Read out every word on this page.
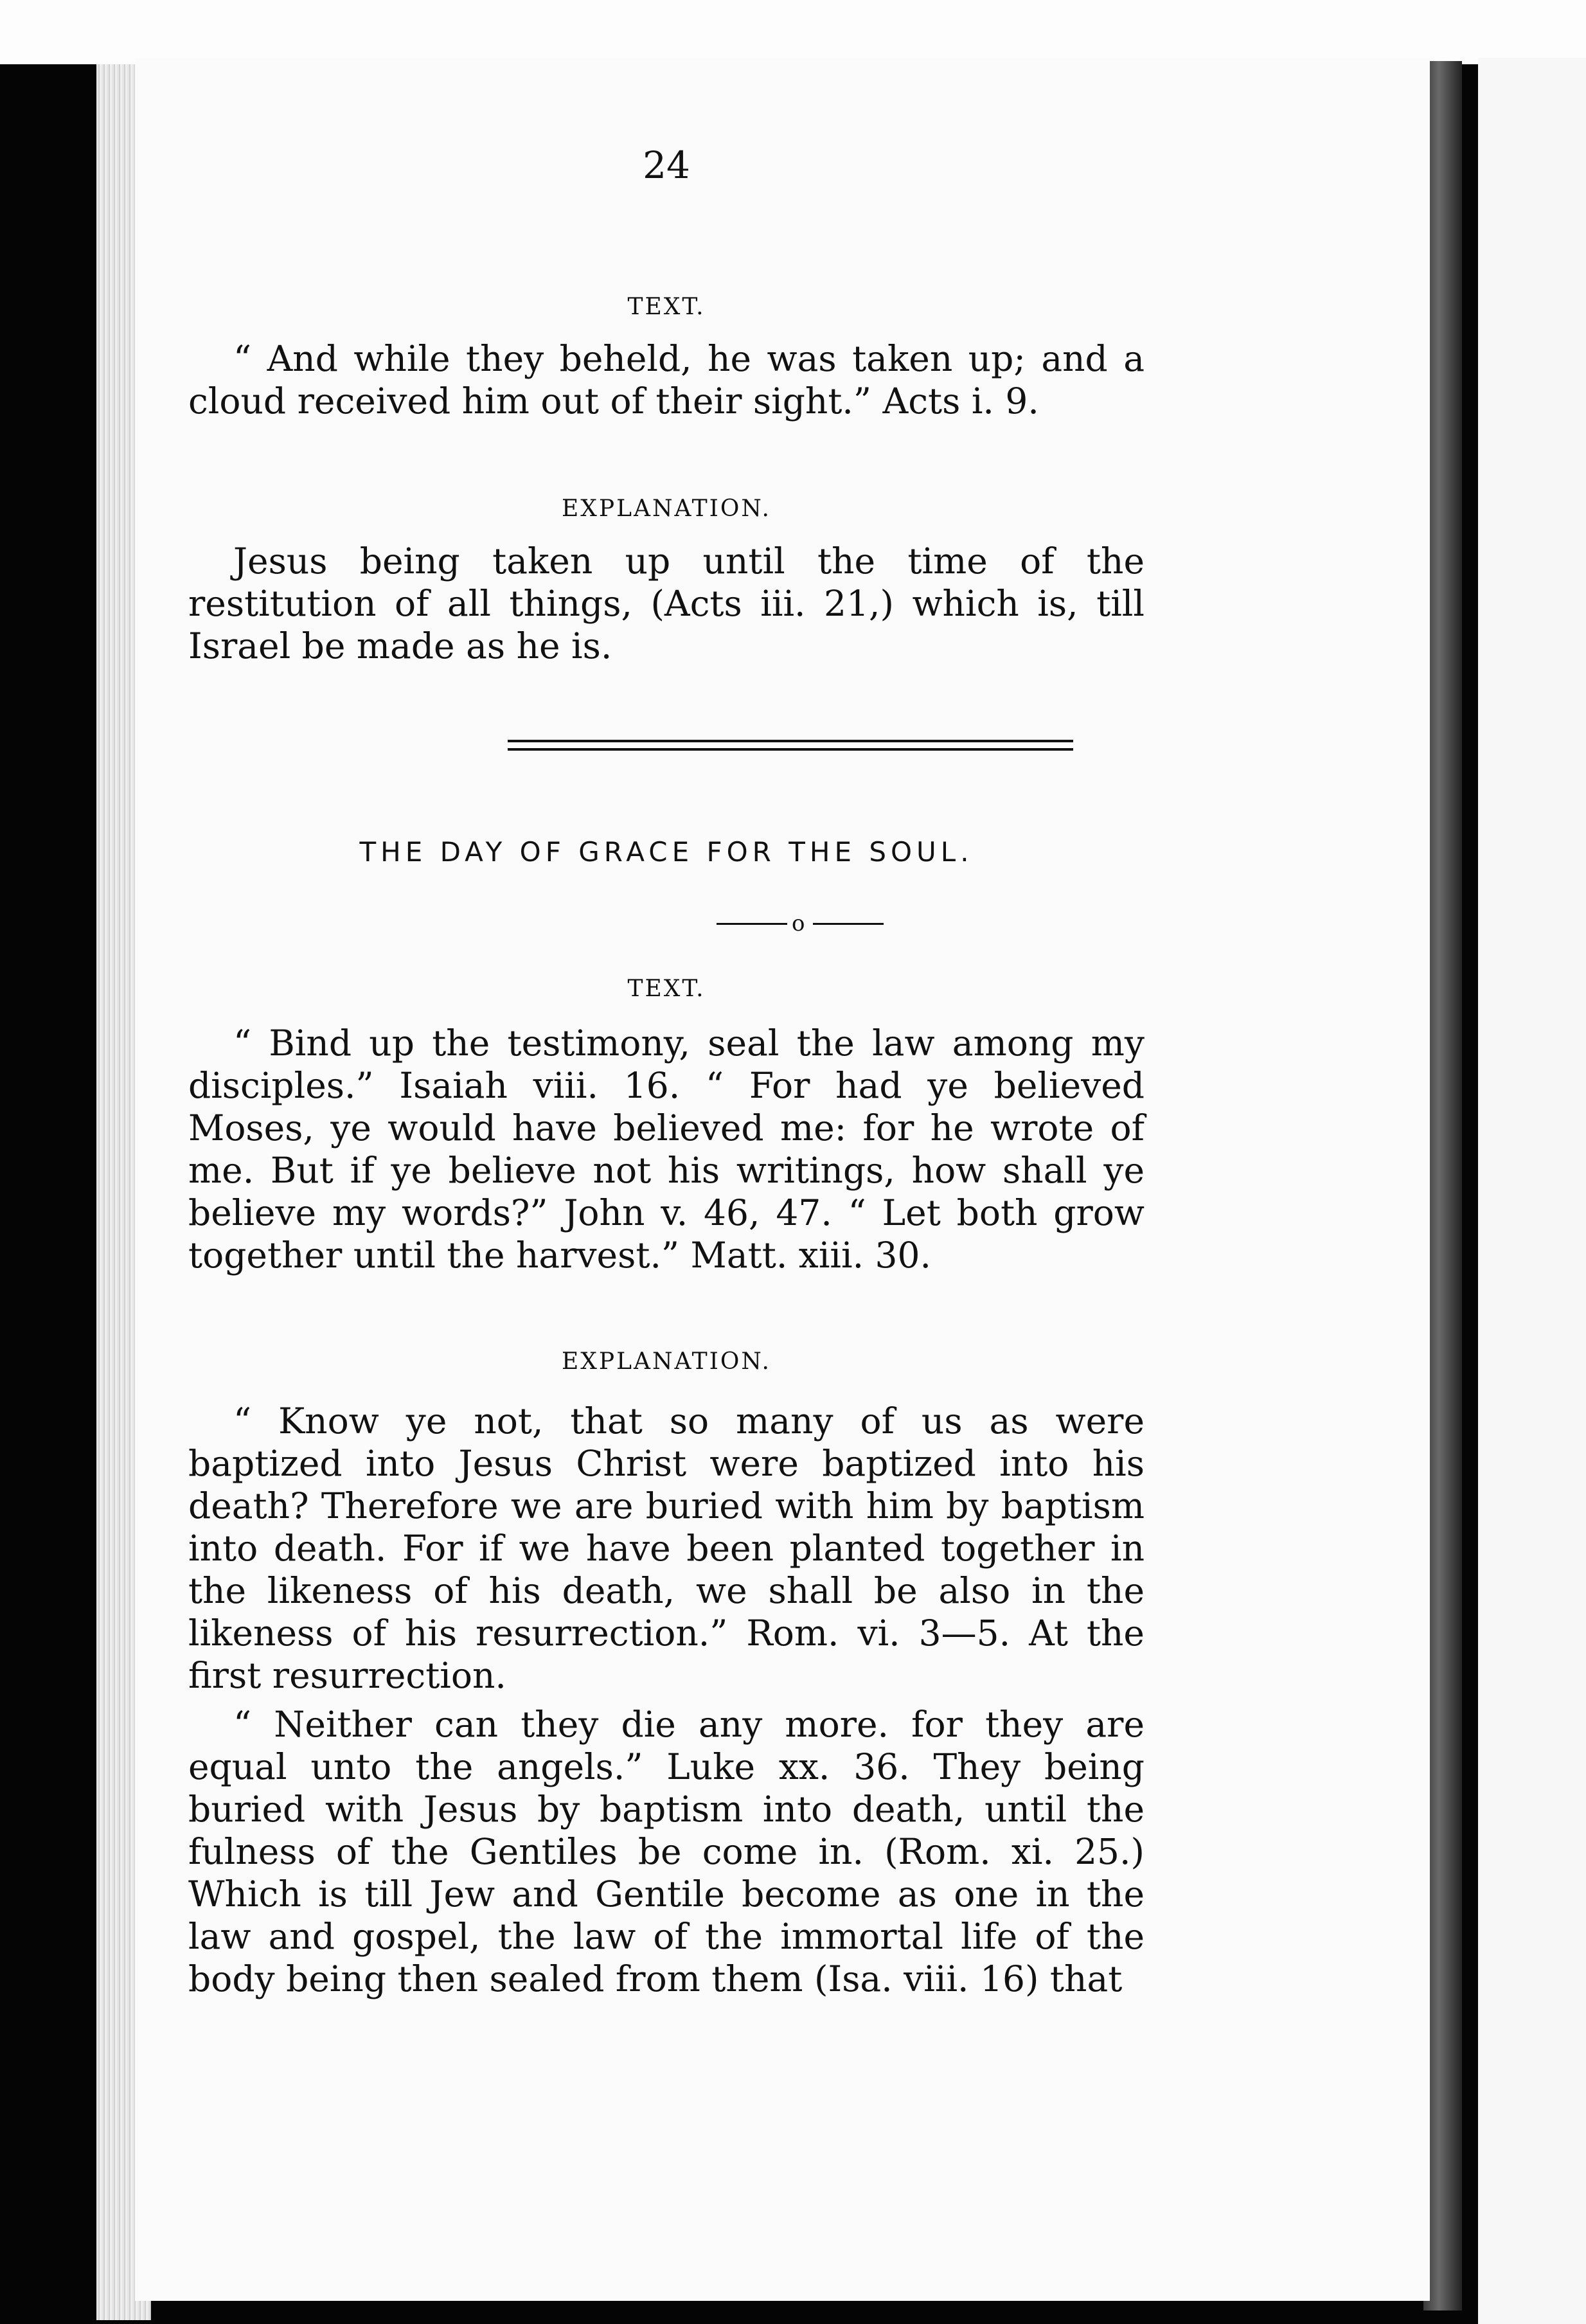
24
TEXT.
“ And while they beheld, he was taken up; and a cloud received him out of their sight.” Acts i. 9.
EXPLANATION.
Jesus being taken up until the time of the restitution of all things, (Acts iii. 21,) which is, till Israel be made as he is.
THE DAY OF GRACE FOR THE SOUL.
o
TEXT.
“ Bind up the testimony, seal the law among my disciples.” Isaiah viii. 16. “ For had ye believed Moses, ye would have believed me: for he wrote of me. But if ye believe not his writings, how shall ye believe my words?” John v. 46, 47. “ Let both grow together until the harvest.” Matt. xiii. 30.
EXPLANATION.
“ Know ye not, that so many of us as were baptized into Jesus Christ were baptized into his death? Therefore we are buried with him by baptism into death. For if we have been planted together in the likeness of his death, we shall be also in the likeness of his resurrection.” Rom. vi. 3—5. At the first resurrection.
“ Neither can they die any more. for they are equal unto the angels.” Luke xx. 36. They being buried with Jesus by baptism into death, until the fulness of the Gentiles be come in. (Rom. xi. 25.) Which is till Jew and Gentile become as one in the law and gospel, the law of the immortal life of the body being then sealed from them (Isa. viii. 16) that
